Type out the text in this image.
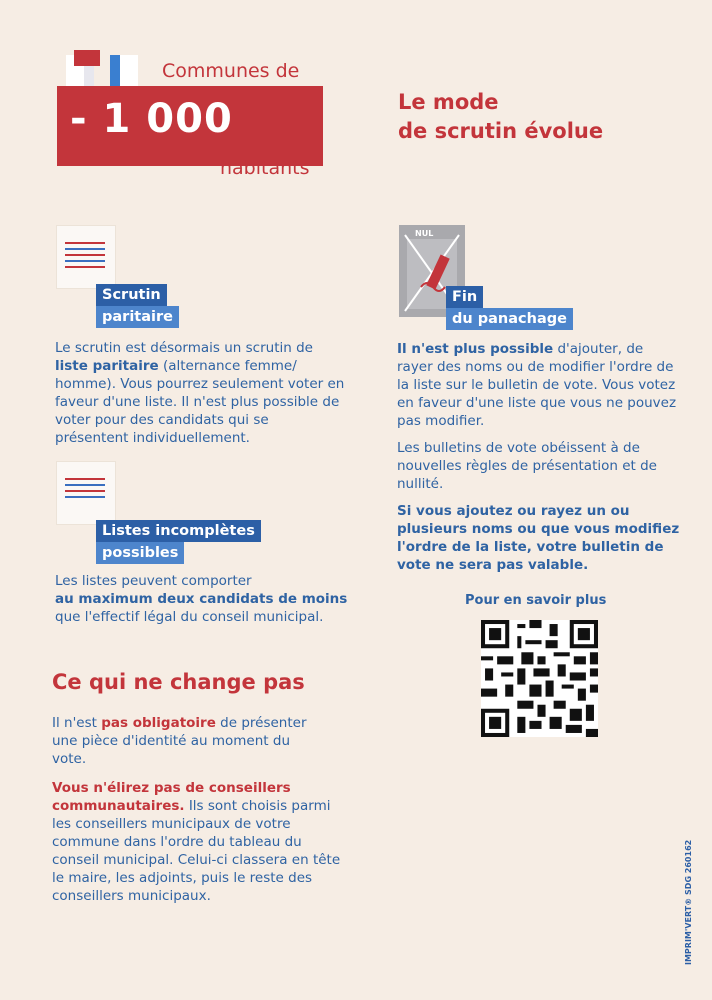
- 1 000
Communes de
habitants
Le mode
de scrutin évolue
Scrutin
paritaire
Le scrutin est désormais un scrutin de liste paritaire (alternance femme/ homme). Vous pourrez seulement voter en faveur d'une liste. Il n'est plus possible de voter pour des candidats qui se présentent individuellement.
Listes incomplètes
possibles
Les listes peuvent comporter
au maximum deux candidats de moins
que l'effectif légal du conseil municipal.
Ce qui ne change pas
Il n'est pas obligatoire de présenter une pièce d'identité au moment du vote.
Vous n'élirez pas de conseillers communautaires. Ils sont choisis parmi les conseillers municipaux de votre commune dans l'ordre du tableau du conseil municipal. Celui-ci classera en tête le maire, les adjoints, puis le reste des conseillers municipaux.
NUL
Fin
du panachage
Il n'est plus possible d'ajouter, de rayer des noms ou de modifier l'ordre de la liste sur le bulletin de vote. Vous votez en faveur d'une liste que vous ne pouvez pas modifier.
Les bulletins de vote obéissent à de nouvelles règles de présentation et de nullité.
Si vous ajoutez ou rayez un ou plusieurs noms ou que vous modifiez l'ordre de la liste, votre bulletin de vote ne sera pas valable.
Pour en savoir plus
IMPRIM'VERT® SDG 260162
